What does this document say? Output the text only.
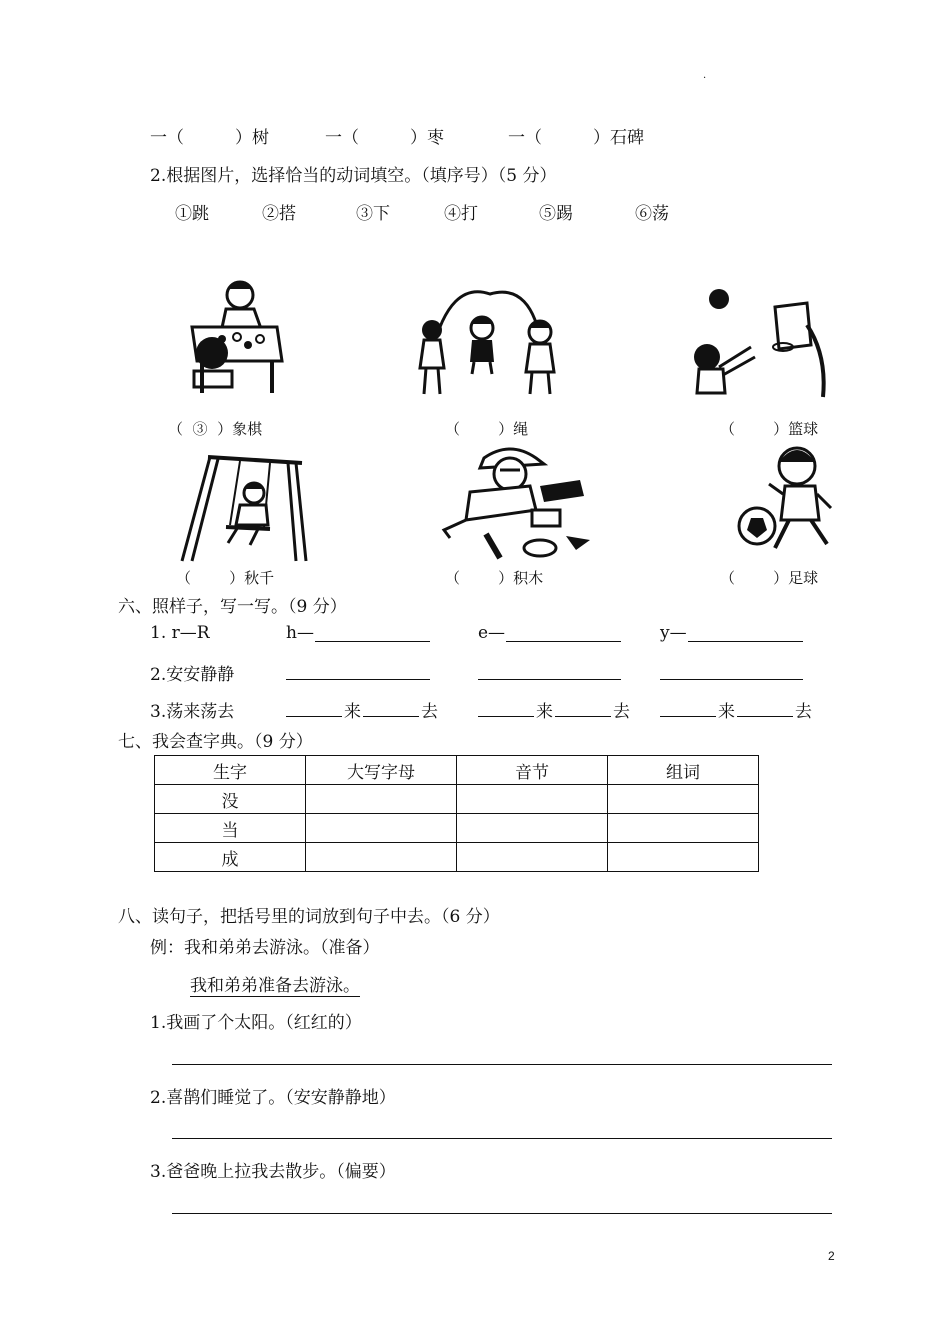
.
一（　　　）树	一（　　　）枣	一（　　　）石碑
2.根据图片，选择恰当的动词填空。（填序号）（5 分）
①跳	②搭	③下	④打	⑤踢	⑥荡
（  ③  ）象棋	（        ）绳	（        ）篮球
（        ）秋千	（        ）积木	（        ）足球
六、照样子，写一写。（9 分）
1. r—R	h—	e—	y—
2.安安静静
3.荡来荡去	来	去	来	去	来	去
七、我会查字典。（9 分）
生字	大写字母	音节	组词
没			
当			
成			
八、读句子，把括号里的词放到句子中去。（6 分）
例：我和弟弟去游泳。（准备）
我和弟弟准备去游泳。
1.我画了个太阳。（红红的）
2.喜鹊们睡觉了。（安安静静地）
3.爸爸晚上拉我去散步。（偏要）
2
